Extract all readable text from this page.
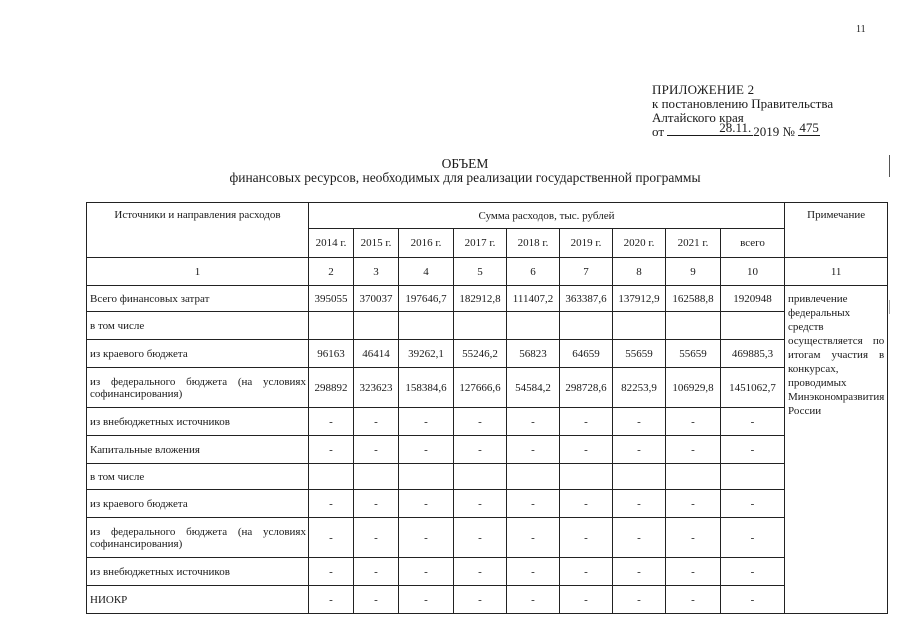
11
ПРИЛОЖЕНИЕ 2
к постановлению Правительства
Алтайского края
от	28.11. 2019 № 475
ОБЪЕМ
финансовых ресурсов, необходимых для реализации государственной программы
Источники и направления расходов	Сумма расходов, тыс. рублей									Примечание
	2014 г.	2015 г.	2016 г.	2017 г.	2018 г.	2019 г.	2020 г.	2021 г.	всего	
1	2	3	4	5	6	7	8	9	10	11
Всего финансовых затрат	395055	370037	197646,7	182912,8	111407,2	363387,6	137912,9	162588,8	1920948	привлечение федеральных средств осуществляется по итогам участия в конкурсах, проводимых Минэкономразвития России

в том числе										
из краевого бюджета	96163	46414	39262,1	55246,2	56823	64659	55659	55659	469885,3	
из федерального бюджета (на условиях софинансирования)	298892	323623	158384,6	127666,6	54584,2	298728,6	82253,9	106929,8	1451062,7	
из внебюджетных источников	-	-	-	-	-	-	-	-	-	
Капитальные вложения	-	-	-	-	-	-	-	-	-	
в том числе										
из краевого бюджета	-	-	-	-	-	-	-	-	-	
из федерального бюджета (на условиях софинансирования)	-	-	-	-	-	-	-	-	-	
из внебюджетных источников	-	-	-	-	-	-	-	-	-	
НИОКР	-	-	-	-	-	-	-	-	-	
